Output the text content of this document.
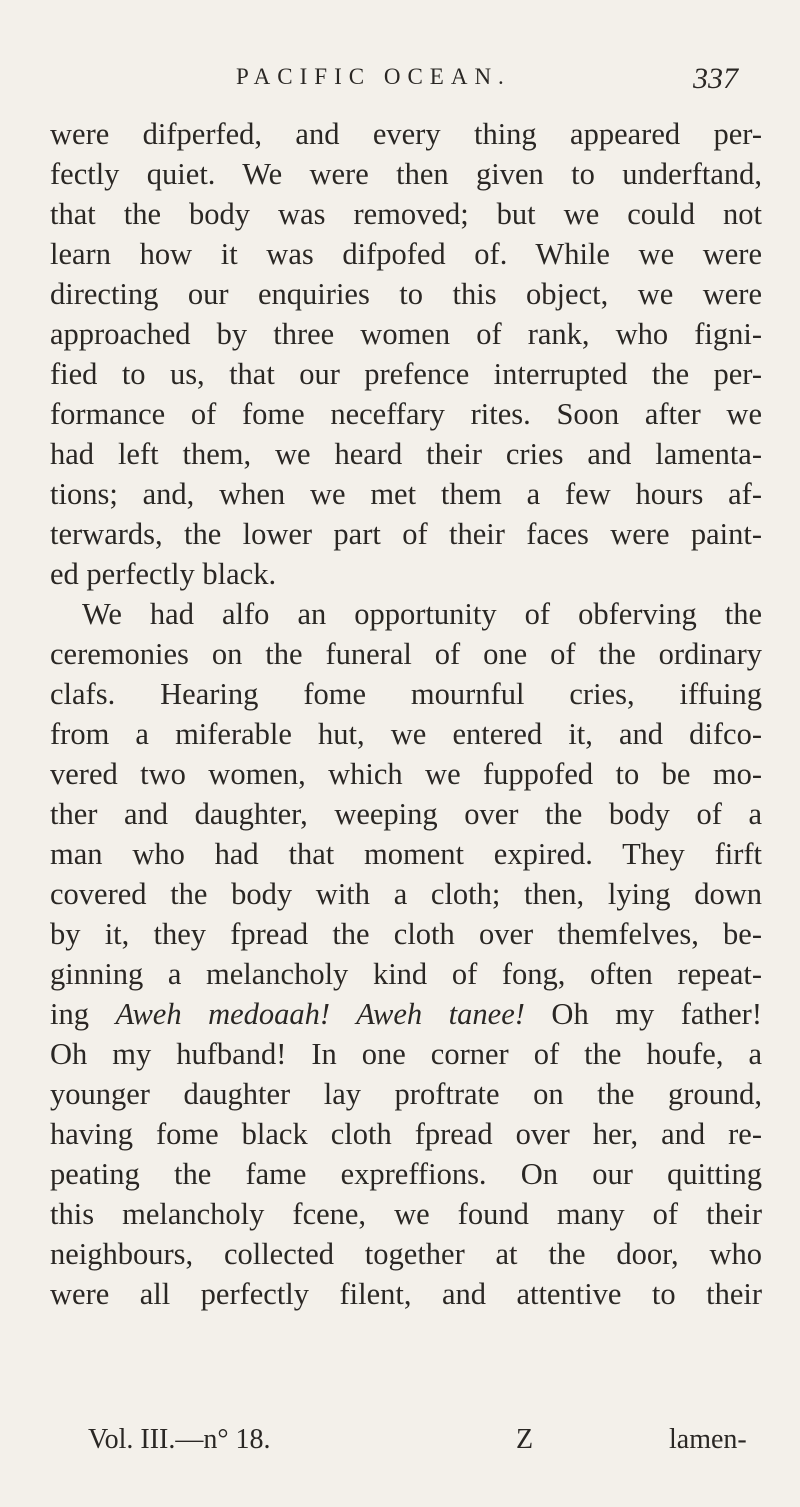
PACIFIC OCEAN.	337
were difperfed, and every thing appeared per-
fectly quiet. We were then given to underftand,
that the body was removed; but we could not
learn how it was difpofed of. While we were
directing our enquiries to this object, we were
approached by three women of rank, who figni-
fied to us, that our prefence interrupted the per-
formance of fome neceffary rites. Soon after we
had left them, we heard their cries and lamenta-
tions; and, when we met them a few hours af-
terwards, the lower part of their faces were paint-
ed perfectly black.
We had alfo an opportunity of obferving the
ceremonies on the funeral of one of the ordinary
clafs. Hearing fome mournful cries, iffuing
from a miferable hut, we entered it, and difco-
vered two women, which we fuppofed to be mo-
ther and daughter, weeping over the body of a
man who had that moment expired. They firft
covered the body with a cloth; then, lying down
by it, they fpread the cloth over themfelves, be-
ginning a melancholy kind of fong, often repeat-
ing Aweh medoaah! Aweh tanee! Oh my father!
Oh my hufband! In one corner of the houfe, a
younger daughter lay proftrate on the ground,
having fome black cloth fpread over her, and re-
peating the fame expreffions. On our quitting
this melancholy fcene, we found many of their
neighbours, collected together at the door, who
were all perfectly filent, and attentive to their
Vol. III.—n° 18.	Z	lamen-
